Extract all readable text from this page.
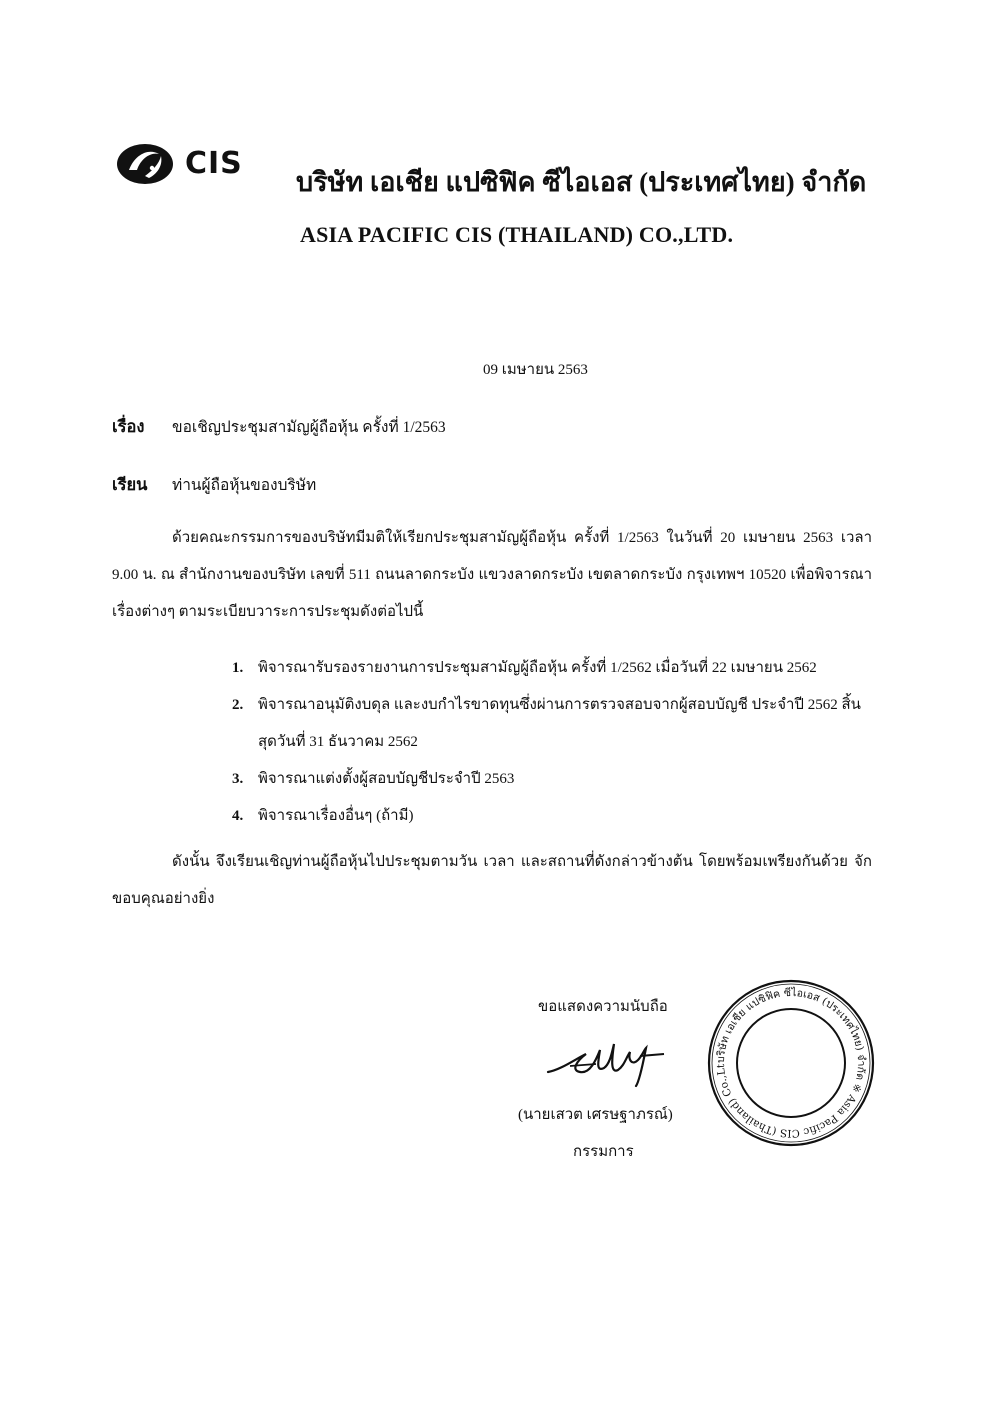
CIS
บริษัท เอเชีย แปซิฟิค ซีไอเอส (ประเทศไทย) จำกัด
ASIA PACIFIC CIS (THAILAND) CO.,LTD.
09 เมษายน 2563
เรื่อง ขอเชิญประชุมสามัญผู้ถือหุ้น ครั้งที่ 1/2563
เรียน ท่านผู้ถือหุ้นของบริษัท
ด้วยคณะกรรมการของบริษัทมีมติให้เรียกประชุมสามัญผู้ถือหุ้น ครั้งที่ 1/2563 ในวันที่ 20 เมษายน 2563 เวลา 9.00 น. ณ สำนักงานของบริษัท เลขที่ 511 ถนนลาดกระบัง แขวงลาดกระบัง เขตลาดกระบัง กรุงเทพฯ 10520 เพื่อพิจารณาเรื่องต่างๆ ตามระเบียบวาระการประชุมดังต่อไปนี้
1. พิจารณารับรองรายงานการประชุมสามัญผู้ถือหุ้น ครั้งที่ 1/2562 เมื่อวันที่ 22 เมษายน 2562
2. พิจารณาอนุมัติงบดุล และงบกำไรขาดทุนซึ่งผ่านการตรวจสอบจากผู้สอบบัญชี ประจำปี 2562 สิ้นสุดวันที่ 31 ธันวาคม 2562
3. พิจารณาแต่งตั้งผู้สอบบัญชีประจำปี 2563
4. พิจารณาเรื่องอื่นๆ (ถ้ามี)
ดังนั้น จึงเรียนเชิญท่านผู้ถือหุ้นไปประชุมตามวัน เวลา และสถานที่ดังกล่าวข้างต้น โดยพร้อมเพรียงกันด้วย จักขอบคุณอย่างยิ่ง
ขอแสดงความนับถือ
(นายเสวต เศรษฐาภรณ์)
กรรมการ
บริษัท เอเชีย แปซิฟิค ซีไอเอส (ประเทศไทย) จำกัด ※ Asia Pacific CIS (Thailand) Co.,Lt
